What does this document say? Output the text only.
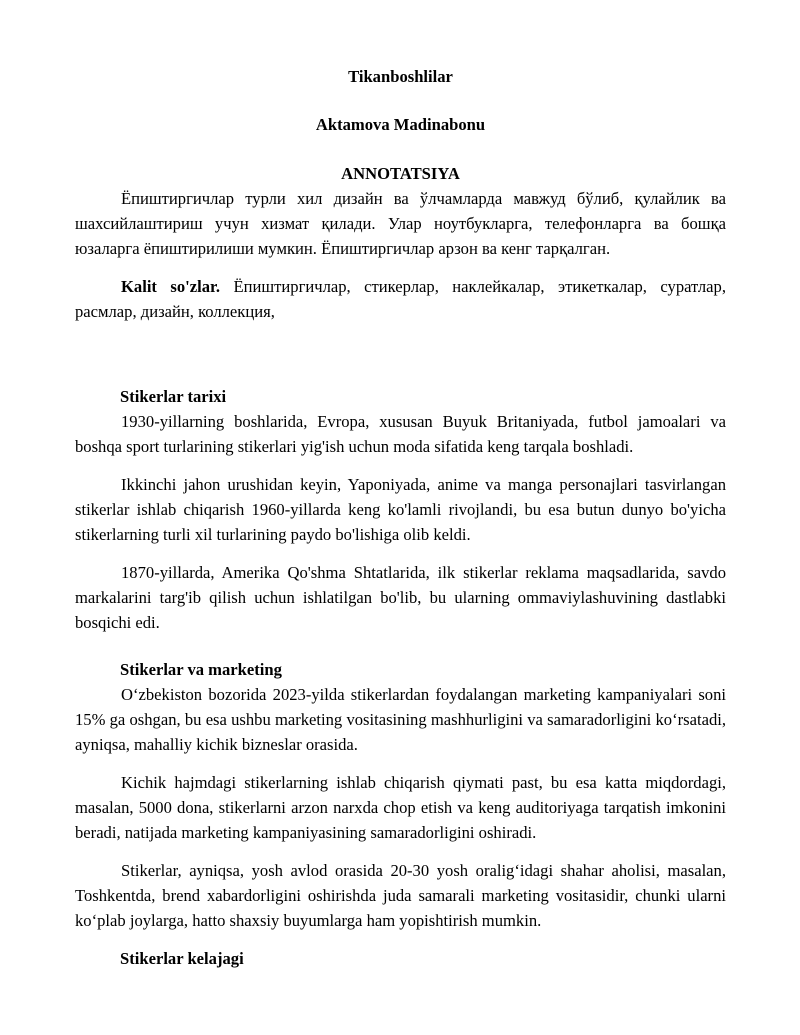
Tikanboshlilar

Aktamova Madinabonu

ANNOTATSIYA

Ёпиштиргичлар турли хил дизайн ва ўлчамларда мавжуд бўлиб, қулайлик ва шахсийлаштириш учун хизмат қилади. Улар ноутбукларга, телефонларга ва бошқа юзаларга ёпиштирилиши мумкин. Ёпиштиргичлар арзон ва кенг тарқалган.

Kalit so'zlar. Ёпиштиргичлар, стикерлар, наклейкалар, этикеткалар, суратлар, расмлар, дизайн, коллекция,

Stikerlar tarixi

1930-yillarning boshlarida, Evropa, xususan Buyuk Britaniyada, futbol jamoalari va boshqa sport turlarining stikerlari yig'ish uchun moda sifatida keng tarqala boshladi.

Ikkinchi jahon urushidan keyin, Yaponiyada, anime va manga personajlari tasvirlangan stikerlar ishlab chiqarish 1960-yillarda keng ko'lamli rivojlandi, bu esa butun dunyo bo'yicha stikerlarning turli xil turlarining paydo bo'lishiga olib keldi.

1870-yillarda, Amerika Qo'shma Shtatlarida, ilk stikerlar reklama maqsadlarida, savdo markalarini targ'ib qilish uchun ishlatilgan bo'lib, bu ularning ommaviylashuvining dastlabki bosqichi edi.

Stikerlar va marketing

O‘zbekiston bozorida 2023-yilda stikerlardan foydalangan marketing kampaniyalari soni 15% ga oshgan, bu esa ushbu marketing vositasining mashhurligini va samaradorligini ko‘rsatadi, ayniqsa, mahalliy kichik bizneslar orasida.

Kichik hajmdagi stikerlarning ishlab chiqarish qiymati past, bu esa katta miqdordagi, masalan, 5000 dona, stikerlarni arzon narxda chop etish va keng auditoriyaga tarqatish imkonini beradi, natijada marketing kampaniyasining samaradorligini oshiradi.

Stikerlar, ayniqsa, yosh avlod orasida 20-30 yosh oralig‘idagi shahar aholisi, masalan, Toshkentda, brend xabardorligini oshirishda juda samarali marketing vositasidir, chunki ularni ko‘plab joylarga, hatto shaxsiy buyumlarga ham yopishtirish mumkin.

Stikerlar kelajagi
